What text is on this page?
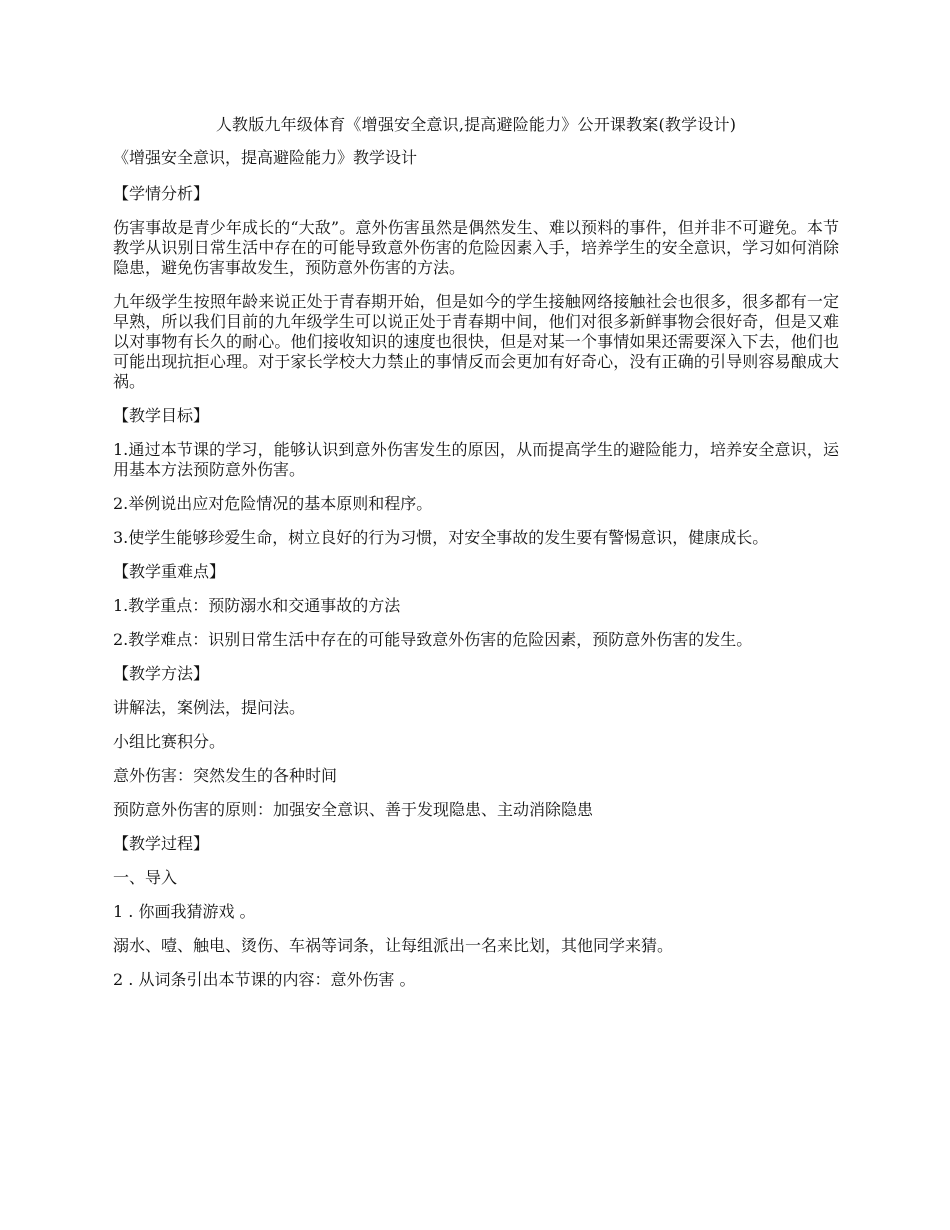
人教版九年级体育《增强安全意识,提高避险能力》公开课教案(教学设计)
《增强安全意识，提高避险能力》教学设计
【学情分析】
伤害事故是青少年成长的“大敌”。意外伤害虽然是偶然发生、难以预料的事件，但并非不可避免。本节教学从识别日常生活中存在的可能导致意外伤害的危险因素入手，培养学生的安全意识，学习如何消除隐患，避免伤害事故发生，预防意外伤害的方法。
九年级学生按照年龄来说正处于青春期开始，但是如今的学生接触网络接触社会也很多，很多都有一定早熟，所以我们目前的九年级学生可以说正处于青春期中间，他们对很多新鲜事物会很好奇，但是又难以对事物有长久的耐心。他们接收知识的速度也很快，但是对某一个事情如果还需要深入下去，他们也可能出现抗拒心理。对于家长学校大力禁止的事情反而会更加有好奇心，没有正确的引导则容易酿成大祸。
【教学目标】
1.通过本节课的学习，能够认识到意外伤害发生的原因，从而提高学生的避险能力，培养安全意识，运用基本方法预防意外伤害。
2.举例说出应对危险情况的基本原则和程序。
3.使学生能够珍爱生命，树立良好的行为习惯，对安全事故的发生要有警惕意识，健康成长。
【教学重难点】
1.教学重点：预防溺水和交通事故的方法
2.教学难点：识别日常生活中存在的可能导致意外伤害的危险因素，预防意外伤害的发生。
【教学方法】
讲解法，案例法，提问法。
小组比赛积分。
意外伤害：突然发生的各种时间
预防意外伤害的原则：加强安全意识、善于发现隐患、主动消除隐患
【教学过程】
一、导入
1 . 你画我猜游戏 。
溺水、噎、触电、烫伤、车祸等词条，让每组派出一名来比划，其他同学来猜。
2 . 从词条引出本节课的内容：意外伤害 。
